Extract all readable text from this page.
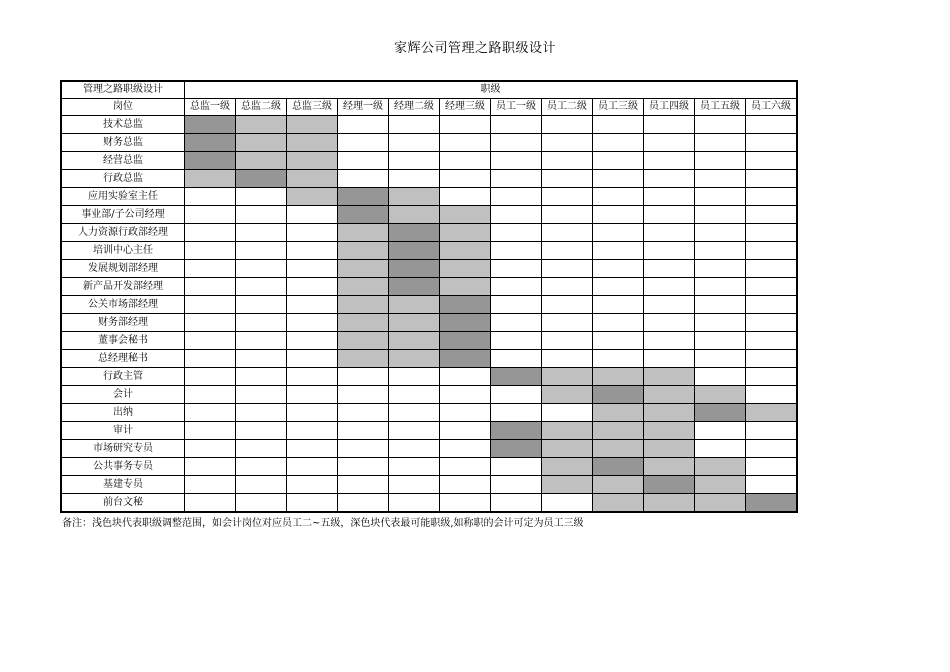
家辉公司管理之路职级设计
管理之路职级设计	职级											
岗位	总监一级	总监二级	总监三级	经理一级	经理二级	经理三级	员工一级	员工二级	员工三级	员工四级	员工五级	员工六级
技术总监												
财务总监												
经营总监												
行政总监												
应用实验室主任												
事业部/子公司经理												
人力资源行政部经理												
培训中心主任												
发展规划部经理												
新产品开发部经理												
公关市场部经理												
财务部经理												
董事会秘书												
总经理秘书												
行政主管												
会计												
出纳												
审计												
市场研究专员												
公共事务专员												
基建专员												
前台文秘												
备注：浅色块代表职级调整范围，如会计岗位对应员工二~五级，深色块代表最可能职级,如称职的会计可定为员工三级
